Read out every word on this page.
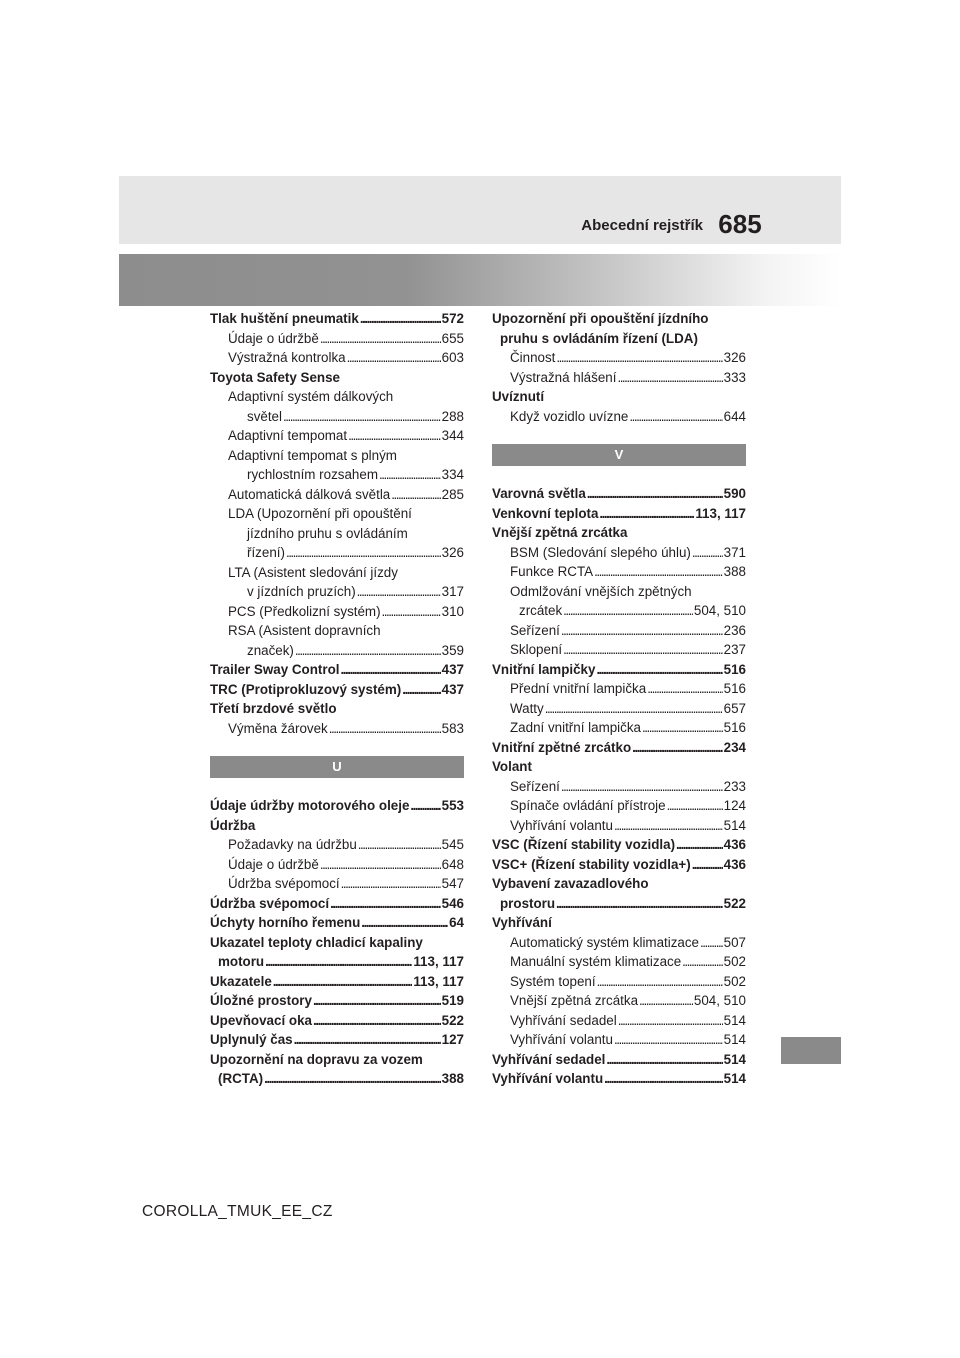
Abecední rejstřík 685
Tlak huštění pneumatik . . .	572
Údaje o údržbě . . .	655
Výstražná kontrolka . . .	603
Toyota Safety Sense
Adaptivní systém dálkových
světel . . .	288
Adaptivní tempomat . . .	344
Adaptivní tempomat s plným
rychlostním rozsahem . . .	334
Automatická dálková světla . . .	285
LDA (Upozornění při opouštění
jízdního pruhu s ovládáním
řízení) . . .	326
LTA (Asistent sledování jízdy
v jízdních pruzích) . . .	317
PCS (Předkolizní systém) . . .	310
RSA (Asistent dopravních
značek) . . .	359
Trailer Sway Control . . .	437
TRC (Protiprokluzový systém) . . .	437
Třetí brzdové světlo
Výměna žárovek . . .	583
U
Údaje údržby motorového oleje . . . 553
Údržba
Požadavky na údržbu . . .	545
Údaje o údržbě . . .	648
Údržba svépomocí . . .	547
Údržba svépomocí . . .	546
Úchyty horního řemenu . . .	64
Ukazatel teploty chladicí kapaliny
motoru . . .	113, 117
Ukazatele . . .	113, 117
Úložné prostory . . .	519
Upevňovací oka . . .	522
Uplynulý čas . . .	127
Upozornění na dopravu za vozem
(RCTA) . . .	388
Upozornění při opouštění jízdního
pruhu s ovládáním řízení (LDA)
Činnost . . .	326
Výstražná hlášení . . .	333
Uvíznutí
Když vozidlo uvízne . . .	644
V
Varovná světla . . .	590
Venkovní teplota . . .	113, 117
Vnější zpětná zrcátka
BSM (Sledování slepého úhlu) . . . 371
Funkce RCTA . . .	388
Odmlžování vnějších zpětných
zrcátek . . .	504, 510
Seřízení . . .	236
Sklopení . . .	237
Vnitřní lampičky . . .	516
Přední vnitřní lampička . . .	516
Watty . . .	657
Zadní vnitřní lampička . . .	516
Vnitřní zpětné zrcátko . . .	234
Volant
Seřízení . . .	233
Spínače ovládání přístroje . . .	124
Vyhřívání volantu . . .	514
VSC (Řízení stability vozidla) . . .	436
VSC+ (Řízení stability vozidla+) . . . 436
Vybavení zavazadlového
prostoru . . .	522
Vyhřívání
Automatický systém klimatizace . . . 507
Manuální systém klimatizace . . .	502
Systém topení . . .	502
Vnější zpětná zrcátka . . .	504, 510
Vyhřívání sedadel . . .	514
Vyhřívání volantu . . .	514
Vyhřívání sedadel . . .	514
Vyhřívání volantu . . .	514
COROLLA_TMUK_EE_CZ
